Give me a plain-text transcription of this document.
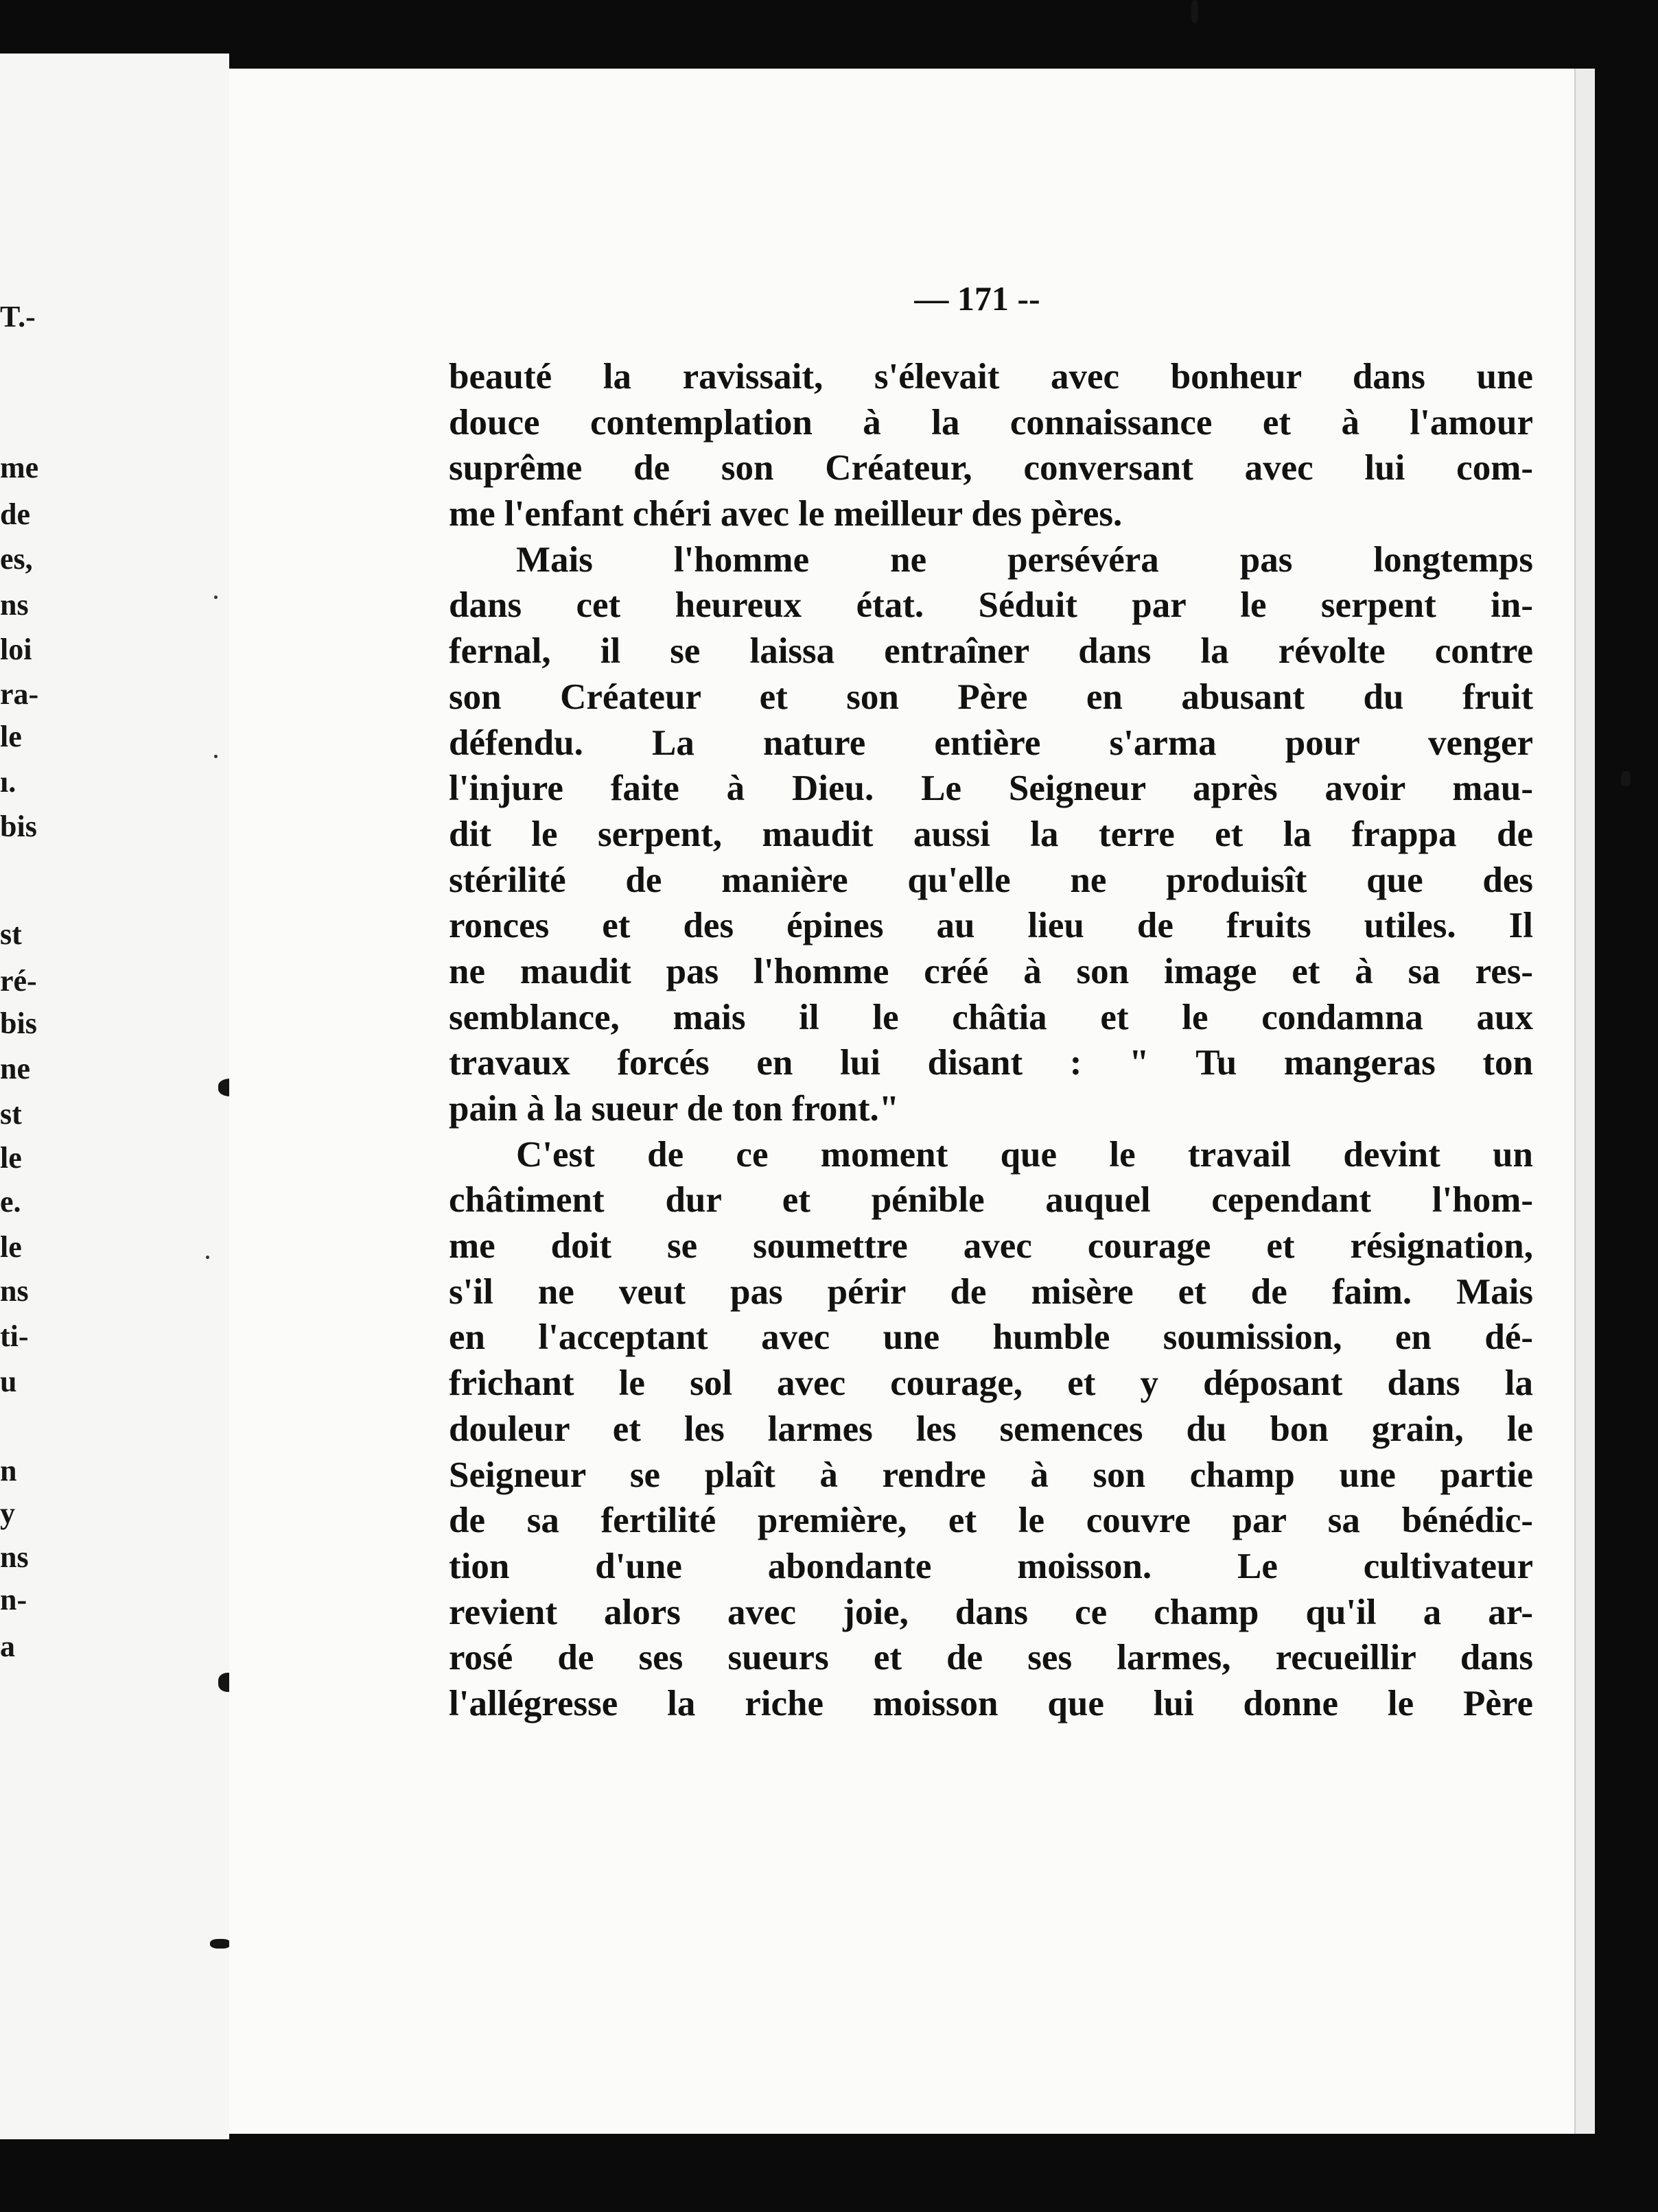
T.-
me
de
es,
ns
loi
ra-
le
ı.
bis
st
ré-
bis
ne
st
le
e.
le
ns
ti-
u
n
y
ns
n-
a
— 171 --
beauté la ravissait, s'élevait avec bonheur dans une
douce contemplation à la connaissance et à l'amour
suprême de son Créateur, conversant avec lui com-
me l'enfant chéri avec le meilleur des pères.
Mais l'homme ne persévéra pas longtemps
dans cet heureux état. Séduit par le serpent in-
fernal, il se laissa entraîner dans la révolte contre
son Créateur et son Père en abusant du fruit
défendu. La nature entière s'arma pour venger
l'injure faite à Dieu. Le Seigneur après avoir mau-
dit le serpent, maudit aussi la terre et la frappa de
stérilité de manière qu'elle ne produisît que des
ronces et des épines au lieu de fruits utiles. Il
ne maudit pas l'homme créé à son image et à sa res-
semblance, mais il le châtia et le condamna aux
travaux forcés en lui disant : " Tu mangeras ton
pain à la sueur de ton front."
C'est de ce moment que le travail devint un
châtiment dur et pénible auquel cependant l'hom-
me doit se soumettre avec courage et résignation,
s'il ne veut pas périr de misère et de faim. Mais
en l'acceptant avec une humble soumission, en dé-
frichant le sol avec courage, et y déposant dans la
douleur et les larmes les semences du bon grain, le
Seigneur se plaît à rendre à son champ une partie
de sa fertilité première, et le couvre par sa bénédic-
tion d'une abondante moisson. Le cultivateur
revient alors avec joie, dans ce champ qu'il a ar-
rosé de ses sueurs et de ses larmes, recueillir dans
l'allégresse la riche moisson que lui donne le Père
